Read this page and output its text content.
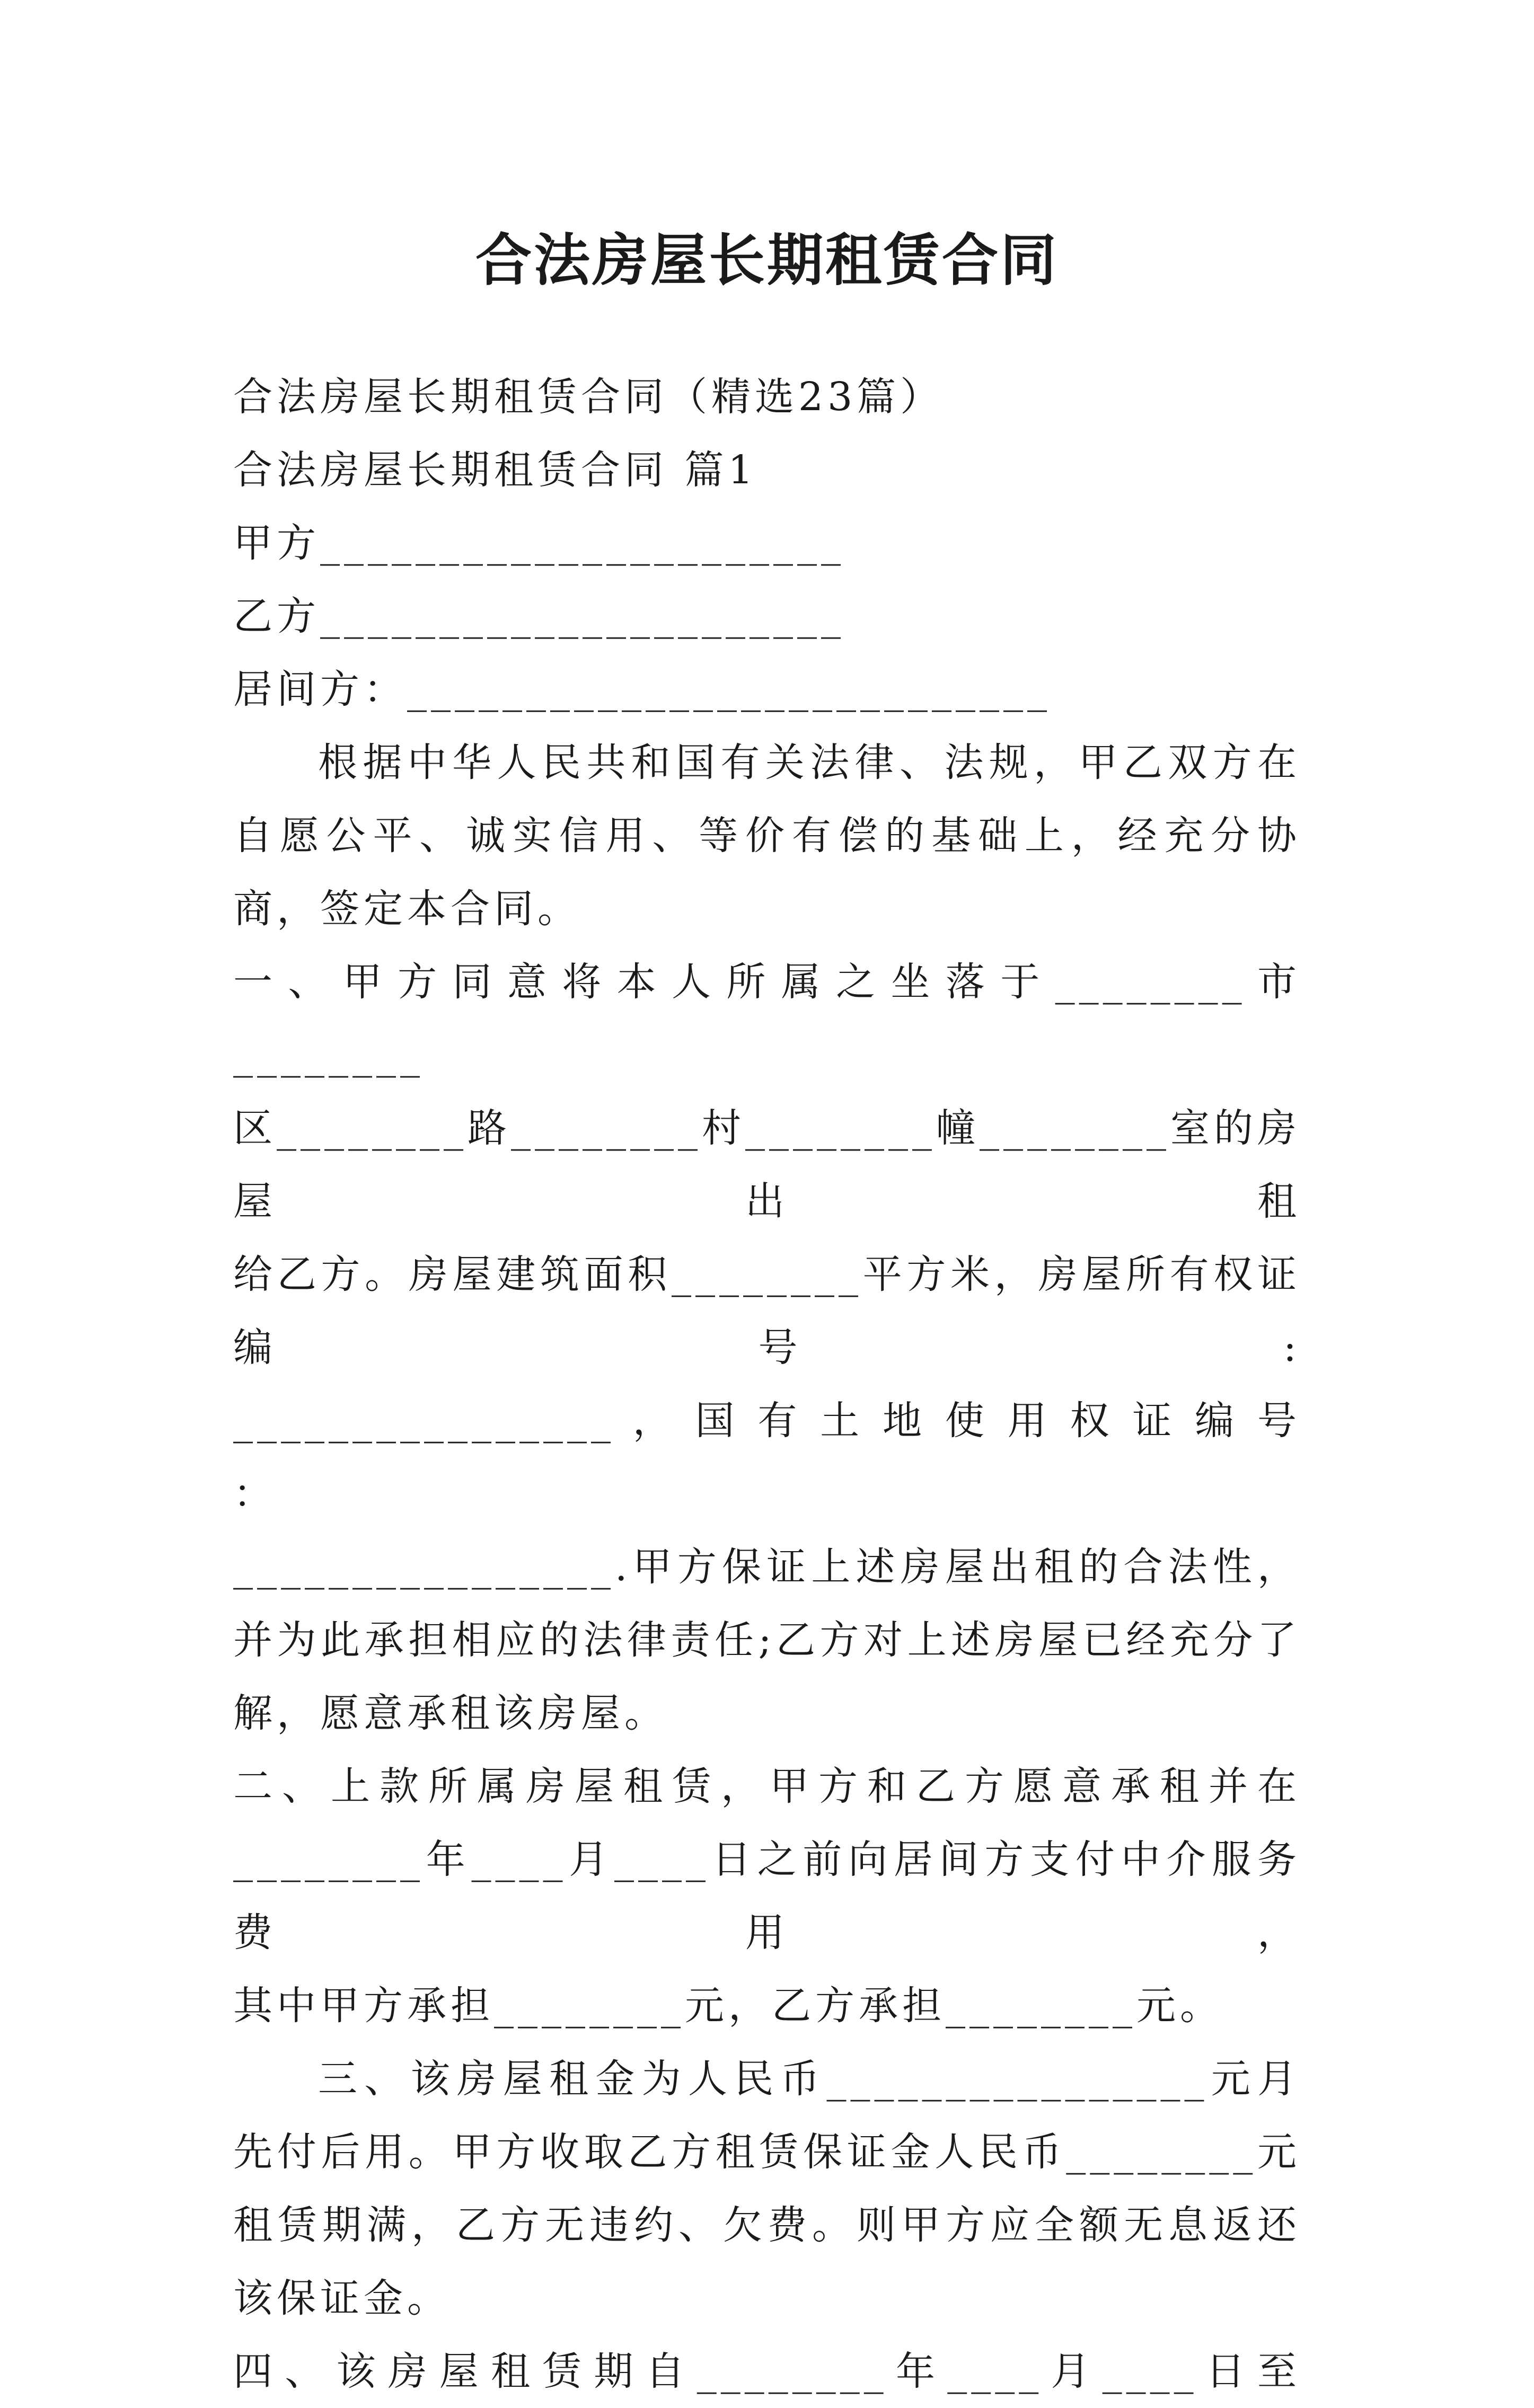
合法房屋长期租赁合同

合法房屋长期租赁合同（精选23篇）

合法房屋长期租赁合同 篇1

甲方______________________

乙方______________________

居间方：___________________________

根据中华人民共和国有关法律、法规，甲乙双方在自愿公平、诚实信用、等价有偿的基础上，经充分协商，签定本合同。

一、甲方同意将本人所属之坐落于________市________

区________路________村________幢________室的房屋出租

给乙方。房屋建筑面积________平方米，房屋所有权证编号:

________________ ， 国 有 土 地 使 用 权 证 编 号 ：

________________.甲方保证上述房屋出租的合法性，并为此承担相应的法律责任;乙方对上述房屋已经充分了解，愿意承租该房屋。

二、上款所属房屋租赁，甲方和乙方愿意承租并在

________年____月____日之前向居间方支付中介服务费用，

其中甲方承担________元，乙方承担________元。

三、该房屋租金为人民币________________元月先付后用。甲方收取乙方租赁保证金人民币________元租赁期满，乙方无违约、欠费。则甲方应全额无息返还该保证金。

四、该房屋租赁期自________年____月____日至
